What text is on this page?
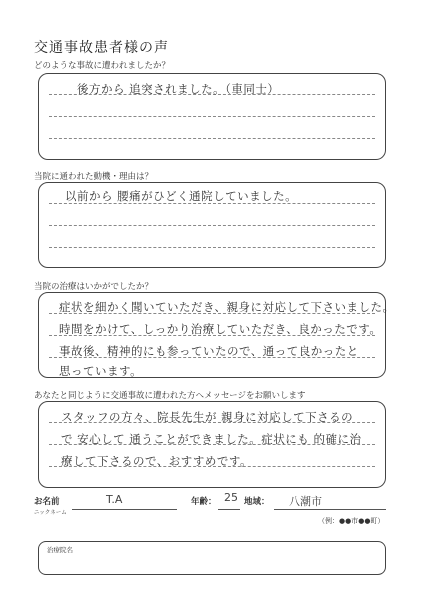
交通事故患者様の声
どのような事故に遭われましたか？
後方から 追突されました。（車同士）
当院に通われた動機・理由は？
以前から 腰痛がひどく通院していました。
当院の治療はいかがでしたか？
症状を細かく聞いていただき、親身に対応して下さいました。
時間をかけて、しっかり治療していただき、良かったです。
事故後、精神的にも参っていたので、通って良かったと
思っています。
あなたと同じように交通事故に遭われた方へメッセージをお願いします
スタッフの方々、院長先生が 親身に対応して下さるの
で 安心して 通うことができました。症状にも 的確に治
療して下さるので、おすすめです。
お名前
ニックネーム
T.A	年齢： 25 地域： 八潮市
（例：●●市●●町）
治療院名
